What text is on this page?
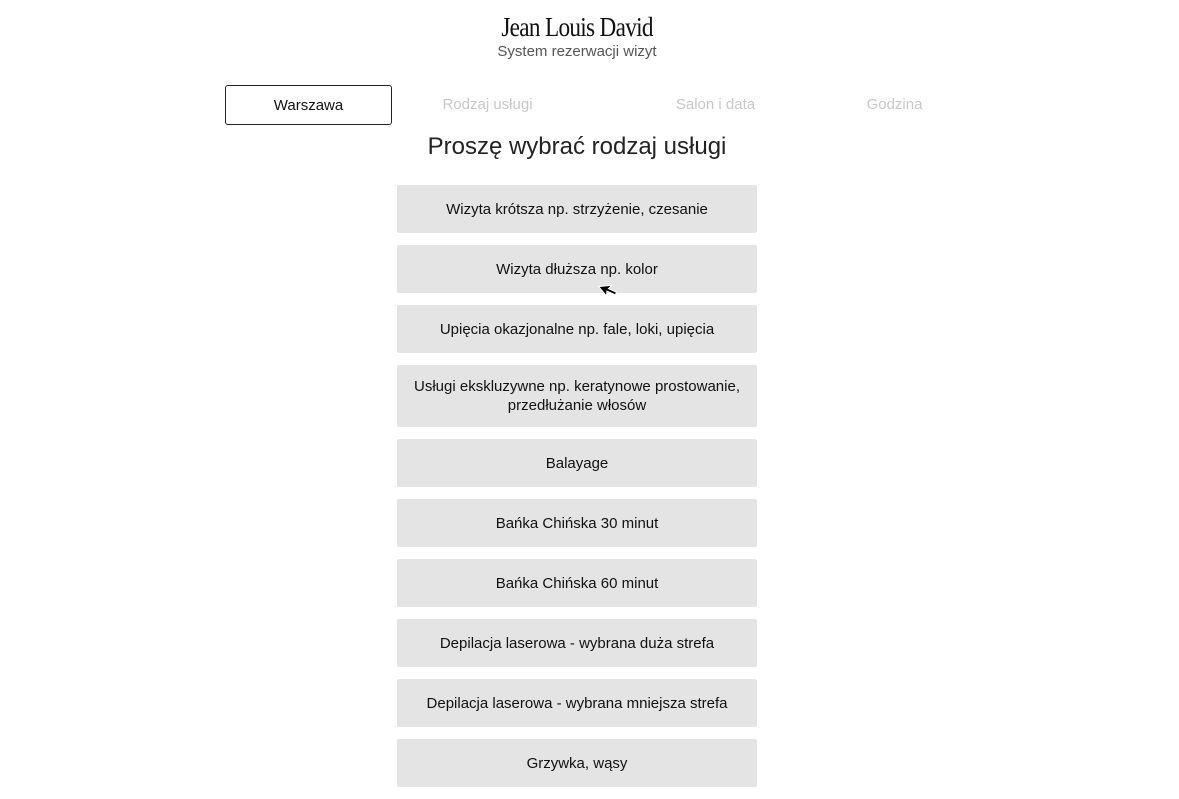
Jean Louis David
System rezerwacji wizyt
Warszawa	Rodzaj usługi	Salon i data	Godzina
Proszę wybrać rodzaj usługi
Wizyta krótsza np. strzyżenie, czesanie
Wizyta dłuższa np. kolor
Upięcia okazjonalne np. fale, loki, upięcia
Usługi ekskluzywne np. keratynowe prostowanie, przedłużanie włosów
Balayage
Bańka Chińska 30 minut
Bańka Chińska 60 minut
Depilacja laserowa - wybrana duża strefa
Depilacja laserowa - wybrana mniejsza strefa
Grzywka, wąsy
